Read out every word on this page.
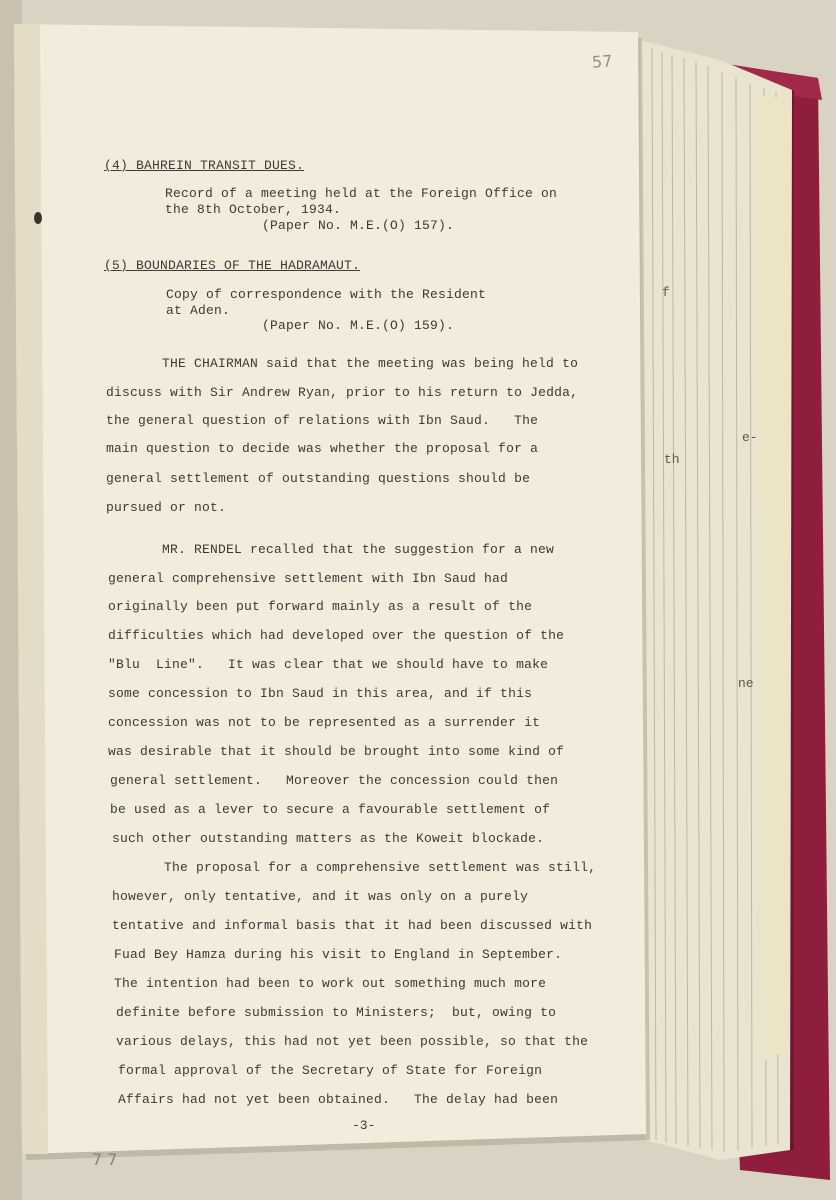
57
7 7
(4) BAHREIN TRANSIT DUES.
Record of a meeting held at the Foreign Office on
the 8th October, 1934.
(Paper No. M.E.(O) 157).
(5) BOUNDARIES OF THE HADRAMAUT.
Copy of correspondence with the Resident
at Aden.
(Paper No. M.E.(O) 159).
THE CHAIRMAN said that the meeting was being held to
discuss with Sir Andrew Ryan, prior to his return to Jedda,
the general question of relations with Ibn Saud.   The
main question to decide was whether the proposal for a
general settlement of outstanding questions should be
pursued or not.
MR. RENDEL recalled that the suggestion for a new
general comprehensive settlement with Ibn Saud had
originally been put forward mainly as a result of the
difficulties which had developed over the question of the
"Blu  Line".   It was clear that we should have to make
some concession to Ibn Saud in this area, and if this
concession was not to be represented as a surrender it
was desirable that it should be brought into some kind of
general settlement.   Moreover the concession could then
be used as a lever to secure a favourable settlement of
such other outstanding matters as the Koweit blockade.
The proposal for a comprehensive settlement was still,
however, only tentative, and it was only on a purely
tentative and informal basis that it had been discussed with
Fuad Bey Hamza during his visit to England in September.
The intention had been to work out something much more
definite before submission to Ministers;  but, owing to
various delays, this had not yet been possible, so that the
formal approval of the Secretary of State for Foreign
Affairs had not yet been obtained.   The delay had been
-3-
f
th
e-
ne
